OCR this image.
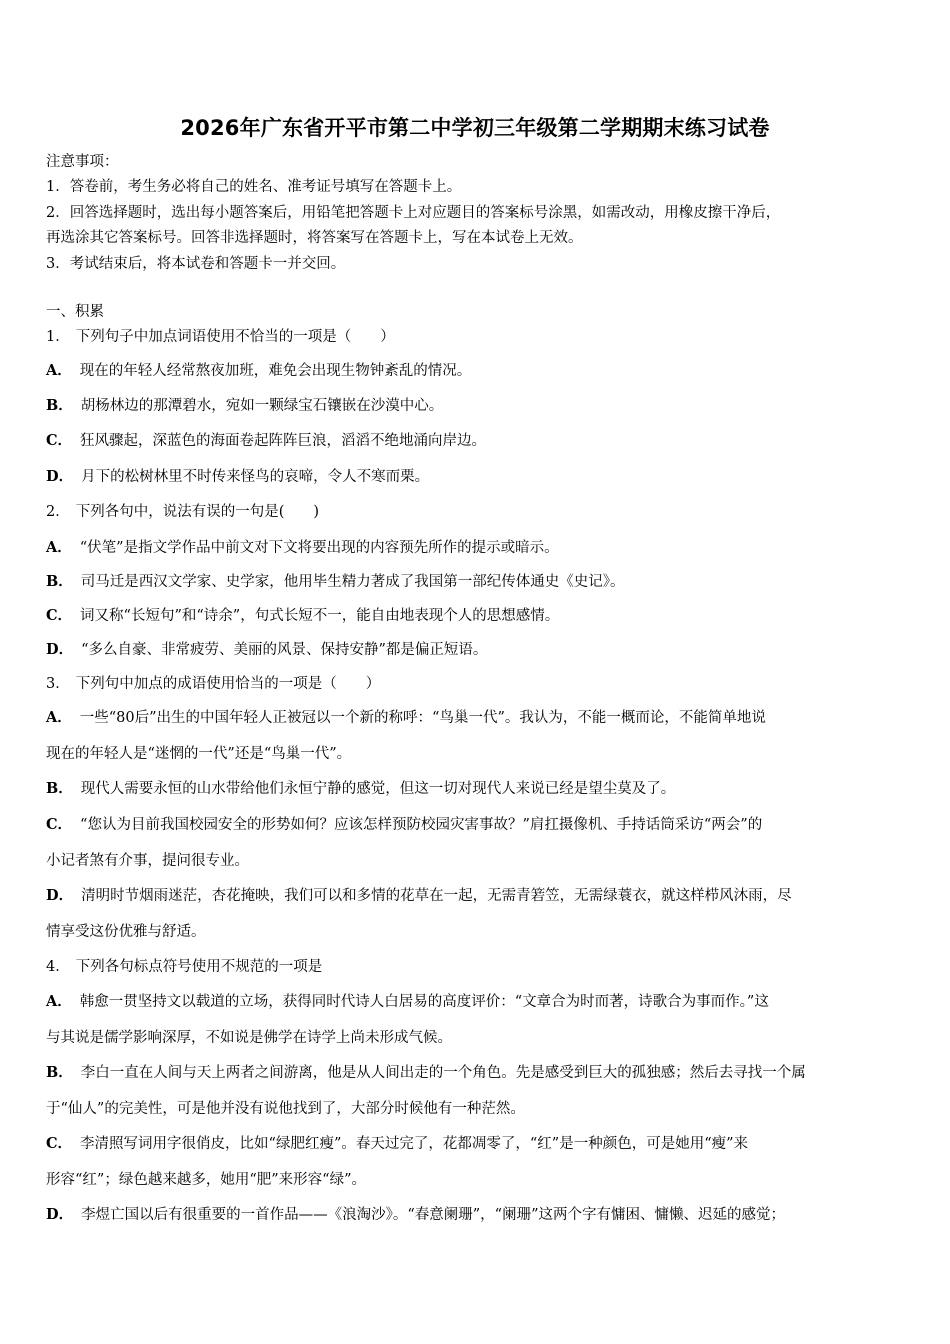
2026年广东省开平市第二中学初三年级第二学期期末练习试卷
注意事项：
1．答卷前，考生务必将自己的姓名、准考证号填写在答题卡上。
2．回答选择题时，选出每小题答案后，用铅笔把答题卡上对应题目的答案标号涂黑，如需改动，用橡皮擦干净后，
再选涂其它答案标号。回答非选择题时，将答案写在答题卡上，写在本试卷上无效。
3．考试结束后，将本试卷和答题卡一并交回。
一、积累
1． 下列句子中加点词语使用不恰当的一项是（　　）
A． 现在的年轻人经常熬夜加班，难免会出现生物钟紊乱的情况。
B． 胡杨林边的那潭碧水，宛如一颗绿宝石镶嵌在沙漠中心。
C． 狂风骤起，深蓝色的海面卷起阵阵巨浪，滔滔不绝地涌向岸边。
D． 月下的松树林里不时传来怪鸟的哀啼，令人不寒而栗。
2． 下列各句中，说法有误的一句是(　　)
A． “伏笔”是指文学作品中前文对下文将要出现的内容预先所作的提示或暗示。
B． 司马迁是西汉文学家、史学家，他用毕生精力著成了我国第一部纪传体通史《史记》。
C． 词又称“长短句”和“诗余”，句式长短不一，能自由地表现个人的思想感情。
D． “多么自豪、非常疲劳、美丽的风景、保持安静”都是偏正短语。
3． 下列句中加点的成语使用恰当的一项是（　　）
A． 一些“80后”出生的中国年轻人正被冠以一个新的称呼：“鸟巢一代”。我认为，不能一概而论，不能简单地说
现在的年轻人是“迷惘的一代”还是“鸟巢一代”。
B． 现代人需要永恒的山水带给他们永恒宁静的感觉，但这一切对现代人来说已经是望尘莫及了。
C． “您认为目前我国校园安全的形势如何？应该怎样预防校园灾害事故？”肩扛摄像机、手持话筒采访“两会”的
小记者煞有介事，提问很专业。
D． 清明时节烟雨迷茫，杏花掩映，我们可以和多情的花草在一起，无需青箬笠，无需绿蓑衣，就这样栉风沐雨，尽
情享受这份优雅与舒适。
4． 下列各句标点符号使用不规范的一项是
A． 韩愈一贯坚持文以载道的立场，获得同时代诗人白居易的高度评价：“文章合为时而著，诗歌合为事而作。”这
与其说是儒学影响深厚，不如说是佛学在诗学上尚未形成气候。
B． 李白一直在人间与天上两者之间游离，他是从人间出走的一个角色。先是感受到巨大的孤独感；然后去寻找一个属
于“仙人”的完美性，可是他并没有说他找到了，大部分时候他有一种茫然。
C． 李清照写词用字很俏皮，比如“绿肥红瘦”。春天过完了，花都凋零了，“红”是一种颜色，可是她用“瘦”来
形容“红”；绿色越来越多，她用“肥”来形容“绿”。
D． 李煜亡国以后有很重要的一首作品——《浪淘沙》。“春意阑珊”，“阑珊”这两个字有慵困、慵懒、迟延的感觉；
